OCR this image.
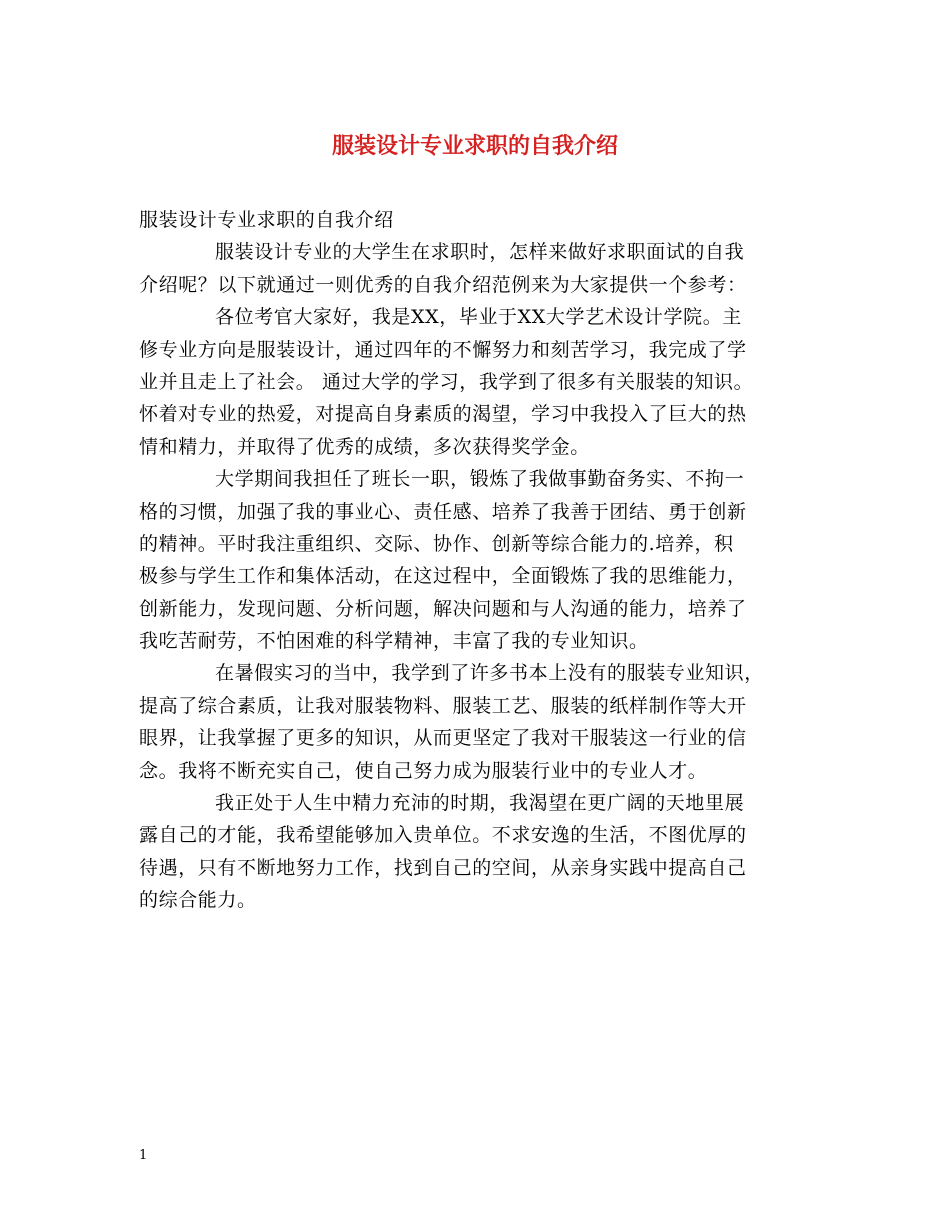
服装设计专业求职的自我介绍
服装设计专业求职的自我介绍
服装设计专业的大学生在求职时，怎样来做好求职面试的自我
介绍呢？以下就通过一则优秀的自我介绍范例来为大家提供一个参考：
各位考官大家好，我是XX，毕业于XX大学艺术设计学院。主
修专业方向是服装设计，通过四年的不懈努力和刻苦学习，我完成了学
业并且走上了社会。 通过大学的学习，我学到了很多有关服装的知识。
怀着对专业的热爱，对提高自身素质的渴望，学习中我投入了巨大的热
情和精力，并取得了优秀的成绩，多次获得奖学金。
大学期间我担任了班长一职，锻炼了我做事勤奋务实、不拘一
格的习惯，加强了我的事业心、责任感、培养了我善于团结、勇于创新
的精神。平时我注重组织、交际、协作、创新等综合能力的.培养，积
极参与学生工作和集体活动，在这过程中，全面锻炼了我的思维能力，
创新能力，发现问题、分析问题，解决问题和与人沟通的能力，培养了
我吃苦耐劳，不怕困难的科学精神，丰富了我的专业知识。
在暑假实习的当中，我学到了许多书本上没有的服装专业知识，
提高了综合素质，让我对服装物料、服装工艺、服装的纸样制作等大开
眼界，让我掌握了更多的知识，从而更坚定了我对干服装这一行业的信
念。我将不断充实自己，使自己努力成为服装行业中的专业人才。
我正处于人生中精力充沛的时期，我渴望在更广阔的天地里展
露自己的才能，我希望能够加入贵单位。不求安逸的生活，不图优厚的
待遇，只有不断地努力工作，找到自己的空间，从亲身实践中提高自己
的综合能力。
1
